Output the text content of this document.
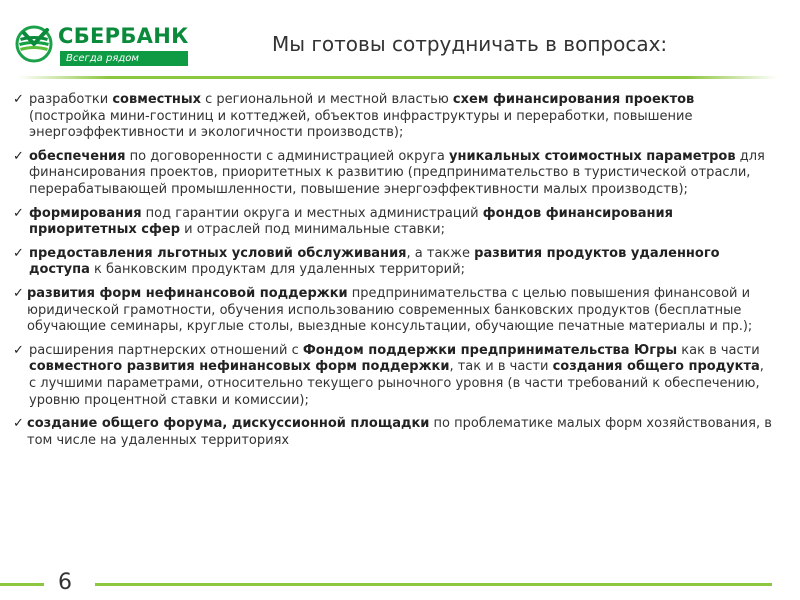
СБЕРБАНК
Всегда рядом
Мы готовы сотрудничать в вопросах:
✓ разработки совместных с региональной и местной властью схем финансирования проектов (постройка мини-гостиниц и коттеджей, объектов инфраструктуры и переработки, повышение энергоэффективности и экологичности производств);
✓ обеспечения по договоренности с администрацией округа уникальных стоимостных параметров для финансирования проектов, приоритетных к развитию (предпринимательство в туристической отрасли, перерабатывающей промышленности, повышение энергоэффективности малых производств);
✓ формирования под гарантии округа и местных администраций фондов финансирования приоритетных сфер и отраслей под минимальные ставки;
✓ предоставления льготных условий обслуживания, а также развития продуктов удаленного доступа к банковским продуктам для удаленных территорий;
✓ развития форм нефинансовой поддержки предпринимательства с целью повышения финансовой и юридической грамотности, обучения использованию современных банковских продуктов (бесплатные обучающие семинары, круглые столы, выездные консультации, обучающие печатные материалы и пр.);
✓ расширения партнерских отношений с Фондом поддержки предпринимательства Югры как в части совместного развития нефинансовых форм поддержки, так и в части создания общего продукта, с лучшими параметрами, относительно текущего рыночного уровня (в части требований к обеспечению, уровню процентной ставки и комиссии);
✓ создание общего форума, дискуссионной площадки по проблематике малых форм хозяйствования, в том числе на удаленных территориях

6
